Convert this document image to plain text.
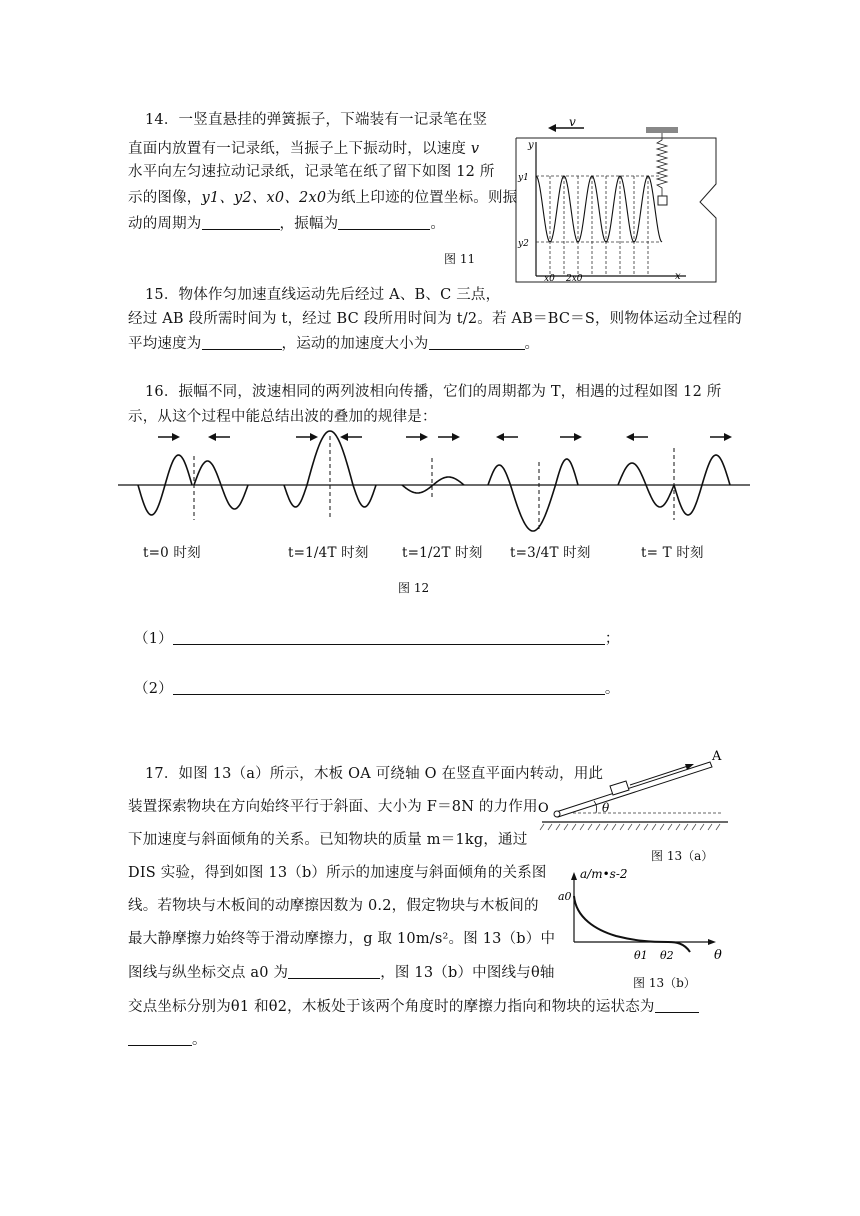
14．一竖直悬挂的弹簧振子，下端装有一记录笔在竖
直面内放置有一记录纸，当振子上下振动时，以速度 v
水平向左匀速拉动记录纸，记录笔在纸了留下如图 12 所
示的图像，y1、y2、x0、2x0为纸上印迹的位置坐标。则振
动的周期为	，振幅为	。
图 11
v
y
x
y1
y2
x0 2x0
15．物体作匀加速直线运动先后经过 A、B、C 三点，
经过 AB 段所需时间为 t，经过 BC 段所用时间为 t/2。若 AB＝BC＝S，则物体运动全过程的
平均速度为	，运动的加速度大小为	。
16．振幅不同，波速相同的两列波相向传播，它们的周期都为 T，相遇的过程如图 12 所
示，从这个过程中能总结出波的叠加的规律是：
t=0 时刻	t=1/4T 时刻 t=1/2T 时刻 t=3/4T 时刻	t= T 时刻
图 12
（1）	；
（2）	。
17．如图 13（a）所示，木板 OA 可绕轴 O 在竖直平面内转动，用此
装置探索物块在方向始终平行于斜面、大小为 F＝8N 的力作用
下加速度与斜面倾角的关系。已知物块的质量 m＝1kg，通过
DIS 实验，得到如图 13（b）所示的加速度与斜面倾角的关系图
线。若物块与木板间的动摩擦因数为 0.2，假定物块与木板间的
最大静摩擦力始终等于滑动摩擦力，g 取 10m/s²。图 13（b）中
图线与纵坐标交点 a0 为	，图 13（b）中图线与θ轴
交点坐标分别为θ1 和θ2，木板处于该两个角度时的摩擦力指向和物块的运状态为
。
A
O	θ
图 13（a）
a/m•s-2
a0
θ1 θ2	θ
图 13（b）
